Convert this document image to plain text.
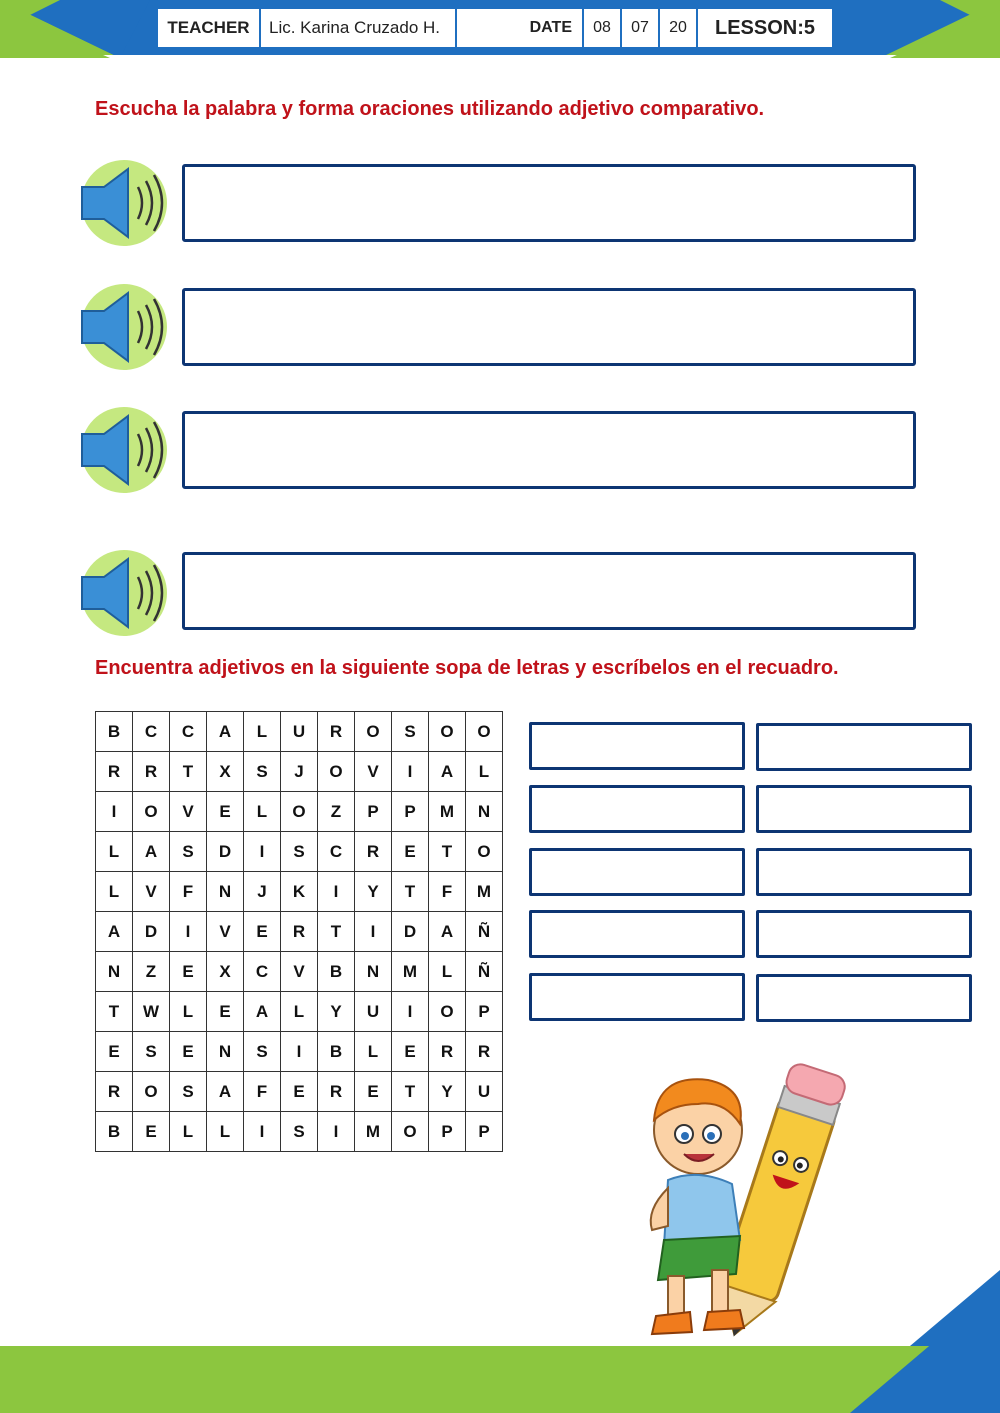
TEACHER	Lic. Karina Cruzado H.	DATE	08	07	20	LESSON:5
Escucha la palabra y forma oraciones utilizando adjetivo comparativo.
Encuentra adjetivos en la siguiente sopa de letras y escríbelos en el recuadro.
B	C	C	A	L	U	R	O	S	O	O
R	R	T	X	S	J	O	V	I	A	L
I	O	V	E	L	O	Z	P	P	M	N
L	A	S	D	I	S	C	R	E	T	O
L	V	F	N	J	K	I	Y	T	F	M
A	D	I	V	E	R	T	I	D	A	Ñ
N	Z	E	X	C	V	B	N	M	L	Ñ
T	W	L	E	A	L	Y	U	I	O	P
E	S	E	N	S	I	B	L	E	R	R
R	O	S	A	F	E	R	E	T	Y	U
B	E	L	L	I	S	I	M	O	P	P
